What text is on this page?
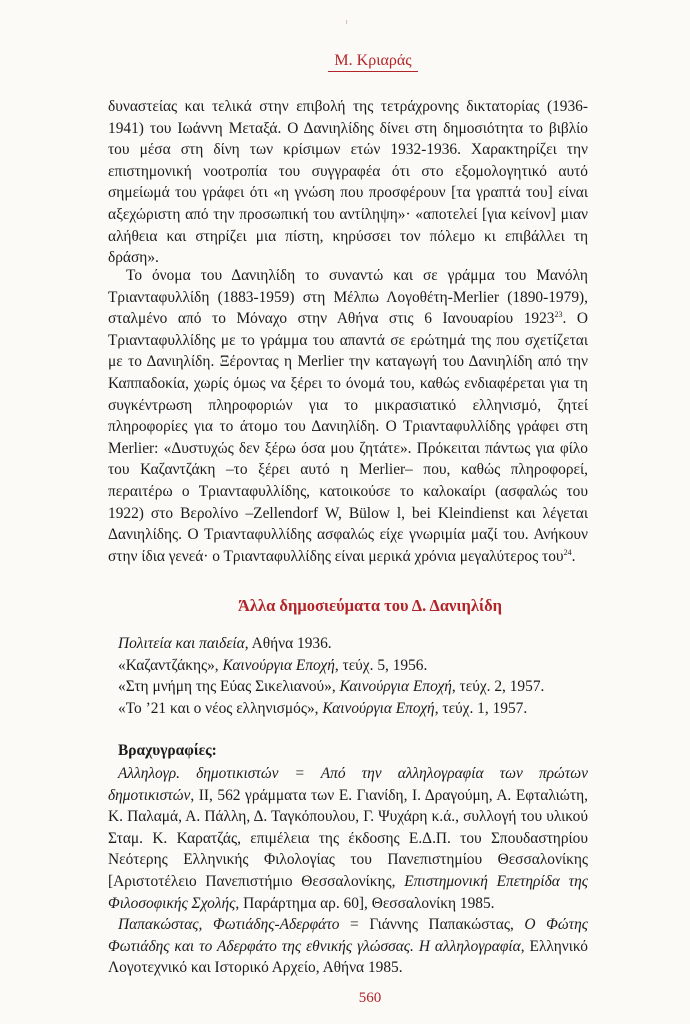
Μ. Κριαράς
δυναστείας και τελικά στην επιβολή της τετράχρονης δικτατορίας (1936-1941) του Ιωάννη Μεταξά. Ο Δανιηλίδης δίνει στη δημοσιότητα το βιβλίο του μέσα στη δίνη των κρίσιμων ετών 1932-1936. Χαρακτηρίζει την επιστημονική νοοτροπία του συγγραφέα ότι στο εξομολογητικό αυτό σημείωμά του γράφει ότι «η γνώση που προσφέρουν [τα γραπτά του] είναι αξεχώριστη από την προσωπική του αντίληψη»· «αποτελεί [για κείνον] μιαν αλήθεια και στηρίζει μια πίστη, κηρύσσει τον πόλεμο κι επιβάλλει τη δράση».
Το όνομα του Δανιηλίδη το συναντώ και σε γράμμα του Μανόλη Τριανταφυλλίδη (1883-1959) στη Μέλπω Λογοθέτη-Merlier (1890-1979), σταλμένο από το Μόναχο στην Αθήνα στις 6 Ιανουαρίου 1923$^{23}$. Ο Τριανταφυλλίδης με το γράμμα του απαντά σε ερώτημά της που σχετίζεται με το Δανιηλίδη. Ξέροντας η Merlier την καταγωγή του Δανιηλίδη από την Καππαδοκία, χωρίς όμως να ξέρει το όνομά του, καθώς ενδιαφέρεται για τη συγκέντρωση πληροφοριών για το μικρασιατικό ελληνισμό, ζητεί πληροφορίες για το άτομο του Δανιηλίδη. Ο Τριανταφυλλίδης γράφει στη Merlier: «Δυστυχώς δεν ξέρω όσα μου ζητάτε». Πρόκειται πάντως για φίλο του Καζαντζάκη –το ξέρει αυτό η Merlier– που, καθώς πληροφορεί, περαιτέρω ο Τριανταφυλλίδης, κατοικούσε το καλοκαίρι (ασφαλώς του 1922) στο Βερολίνο –Zellendorf W, Bülow l, bei Kleindienst και λέγεται Δανιηλίδης. Ο Τριανταφυλλίδης ασφαλώς είχε γνωριμία μαζί του. Ανήκουν στην ίδια γενεά· ο Τριανταφυλλίδης είναι μερικά χρόνια μεγαλύτερος του$^{24}$.
Άλλα δημοσιεύματα του Δ. Δανιηλίδη
Πολιτεία και παιδεία, Αθήνα 1936.
«Καζαντζάκης», Καινούργια Εποχή, τεύχ. 5, 1956.
«Στη μνήμη της Εύας Σικελιανού», Καινούργια Εποχή, τεύχ. 2, 1957.
«Το ’21 και ο νέος ελληνισμός», Καινούργια Εποχή, τεύχ. 1, 1957.
Βραχυγραφίες:

Αλληλογρ. δημοτικιστών = Από την αλληλογραφία των πρώτων δημοτικιστών, ΙΙ, 562 γράμματα των Ε. Γιανίδη, Ι. Δραγούμη, Α. Εφταλιώτη, Κ. Παλαμά, Α. Πάλλη, Δ. Ταγκόπουλου, Γ. Ψυχάρη κ.ά., συλλογή του υλικού Σταμ. Κ. Καρατζάς, επιμέλεια της έκδοσης Ε.Δ.Π. του Σπουδαστηρίου Νεότερης Ελληνικής Φιλολογίας του Πανεπιστημίου Θεσσαλονίκης [Αριστοτέλειο Πανεπιστήμιο Θεσσαλονίκης, Επιστημονική Επετηρίδα της Φιλοσοφικής Σχολής, Παράρτημα αρ. 60], Θεσσαλονίκη 1985.

Παπακώστας, Φωτιάδης-Αδερφάτο = Γιάννης Παπακώστας, Ο Φώτης Φωτιάδης και το Αδερφάτο της εθνικής γλώσσας. Η αλληλογραφία, Ελληνικό Λογοτεχνικό και Ιστορικό Αρχείο, Αθήνα 1985.

560
